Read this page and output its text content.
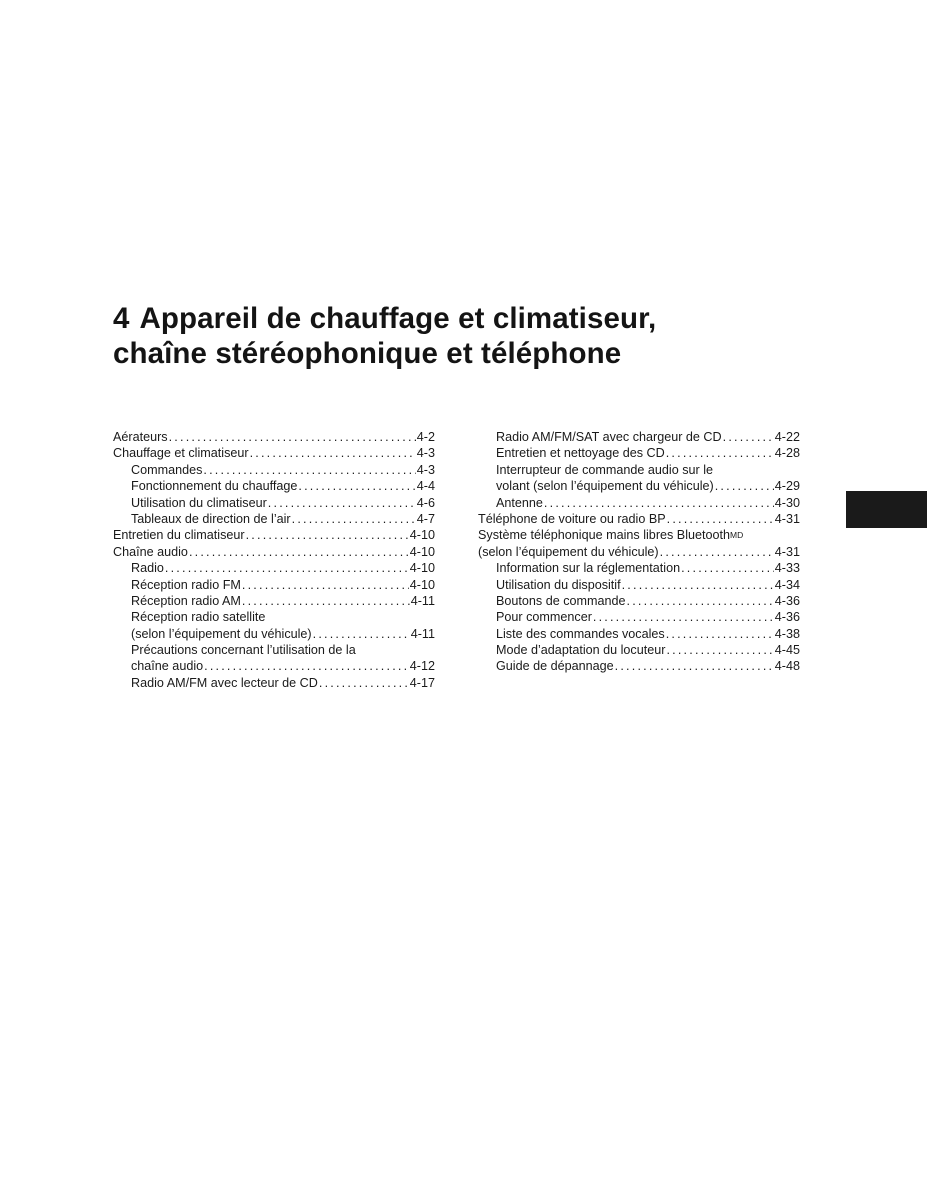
4 Appareil de chauffage et climatiseur,
chaîne stéréophonique et téléphone
Aérateurs .....	4-2
Chauffage et climatiseur .....	4-3
Commandes .....	4-3
Fonctionnement du chauffage .....	4-4
Utilisation du climatiseur .....	4-6
Tableaux de direction de l’air .....	4-7
Entretien du climatiseur .....	4-10
Chaîne audio .....	4-10
Radio .....	4-10
Réception radio FM .....	4-10
Réception radio AM .....	4-11
Réception radio satellite
(selon l’équipement du véhicule) .....	4-11
Précautions concernant l’utilisation de la
chaîne audio .....	4-12
Radio AM/FM avec lecteur de CD .....	4-17
Radio AM/FM/SAT avec chargeur de CD .....	4-22
Entretien et nettoyage des CD .....	4-28
Interrupteur de commande audio sur le
volant (selon l’équipement du véhicule) .....	4-29
Antenne .....	4-30
Téléphone de voiture ou radio BP .....	4-31
Système téléphonique mains libres Bluetooth$^{MD}$
(selon l’équipement du véhicule) .....	4-31
Information sur la réglementation .....	4-33
Utilisation du dispositif .....	4-34
Boutons de commande .....	4-36
Pour commencer .....	4-36
Liste des commandes vocales .....	4-38
Mode d’adaptation du locuteur .....	4-45
Guide de dépannage .....	4-48
